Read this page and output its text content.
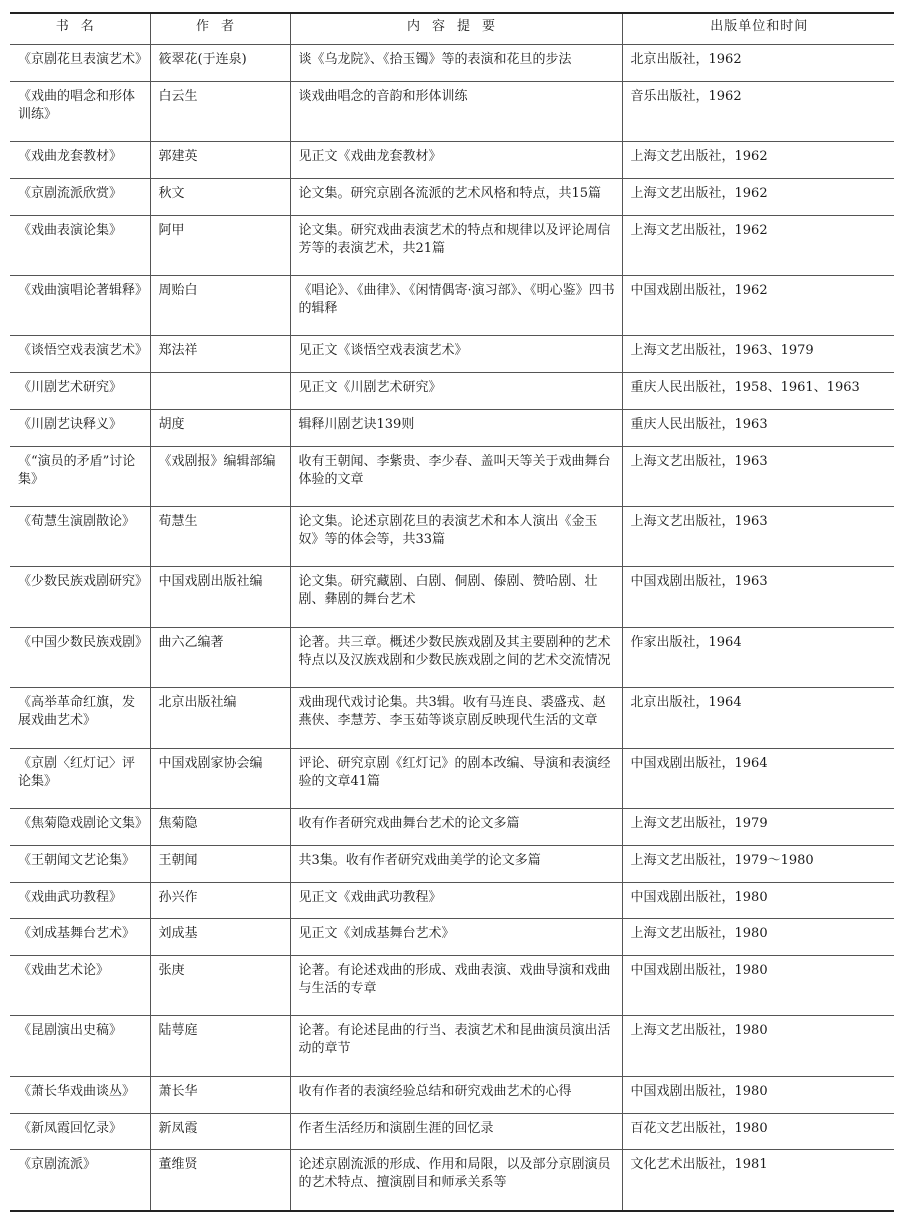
书名	作者	内容提要	出版单位和时间
《京剧花旦表演艺术》	筱翠花(于连泉)	谈《乌龙院》、《拾玉镯》等的表演和花旦的步法	北京出版社，1962
《戏曲的唱念和形体训练》	白云生	谈戏曲唱念的音韵和形体训练	音乐出版社，1962
《戏曲龙套教材》	郭建英	见正文《戏曲龙套教材》	上海文艺出版社，1962
《京剧流派欣赏》	秋文	论文集。研究京剧各流派的艺术风格和特点，共15篇	上海文艺出版社，1962
《戏曲表演论集》	阿甲	论文集。研究戏曲表演艺术的特点和规律以及评论周信芳等的表演艺术，共21篇	上海文艺出版社，1962
《戏曲演唱论著辑释》	周贻白	《唱论》、《曲律》、《闲情偶寄·演习部》、《明心鉴》四书的辑释	中国戏剧出版社，1962
《谈悟空戏表演艺术》	郑法祥	见正文《谈悟空戏表演艺术》	上海文艺出版社，1963、1979
《川剧艺术研究》		见正文《川剧艺术研究》	重庆人民出版社，1958、1961、1963
《川剧艺诀释义》	胡度	辑释川剧艺诀139则	重庆人民出版社，1963
《“演员的矛盾”讨论集》	《戏剧报》编辑部编	收有王朝闻、李紫贵、李少春、盖叫天等关于戏曲舞台体验的文章	上海文艺出版社，1963
《荀慧生演剧散论》	荀慧生	论文集。论述京剧花旦的表演艺术和本人演出《金玉奴》等的体会等，共33篇	上海文艺出版社，1963
《少数民族戏剧研究》	中国戏剧出版社编	论文集。研究藏剧、白剧、侗剧、傣剧、赞哈剧、壮剧、彝剧的舞台艺术	中国戏剧出版社，1963
《中国少数民族戏剧》	曲六乙编著	论著。共三章。概述少数民族戏剧及其主要剧种的艺术特点以及汉族戏剧和少数民族戏剧之间的艺术交流情况	作家出版社，1964
《高举革命红旗，发展戏曲艺术》	北京出版社编	戏曲现代戏讨论集。共3辑。收有马连良、裘盛戎、赵燕侠、李慧芳、李玉茹等谈京剧反映现代生活的文章	北京出版社，1964
《京剧〈红灯记〉评论集》	中国戏剧家协会编	评论、研究京剧《红灯记》的剧本改编、导演和表演经验的文章41篇	中国戏剧出版社，1964
《焦菊隐戏剧论文集》	焦菊隐	收有作者研究戏曲舞台艺术的论文多篇	上海文艺出版社，1979
《王朝闻文艺论集》	王朝闻	共3集。收有作者研究戏曲美学的论文多篇	上海文艺出版社，1979～1980
《戏曲武功教程》	孙兴作	见正文《戏曲武功教程》	中国戏剧出版社，1980
《刘成基舞台艺术》	刘成基	见正文《刘成基舞台艺术》	上海文艺出版社，1980
《戏曲艺术论》	张庚	论著。有论述戏曲的形成、戏曲表演、戏曲导演和戏曲与生活的专章	中国戏剧出版社，1980
《昆剧演出史稿》	陆萼庭	论著。有论述昆曲的行当、表演艺术和昆曲演员演出活动的章节	上海文艺出版社，1980
《萧长华戏曲谈丛》	萧长华	收有作者的表演经验总结和研究戏曲艺术的心得	中国戏剧出版社，1980
《新凤霞回忆录》	新凤霞	作者生活经历和演剧生涯的回忆录	百花文艺出版社，1980
《京剧流派》	董维贤	论述京剧流派的形成、作用和局限，以及部分京剧演员的艺术特点、擅演剧目和师承关系等	文化艺术出版社，1981
